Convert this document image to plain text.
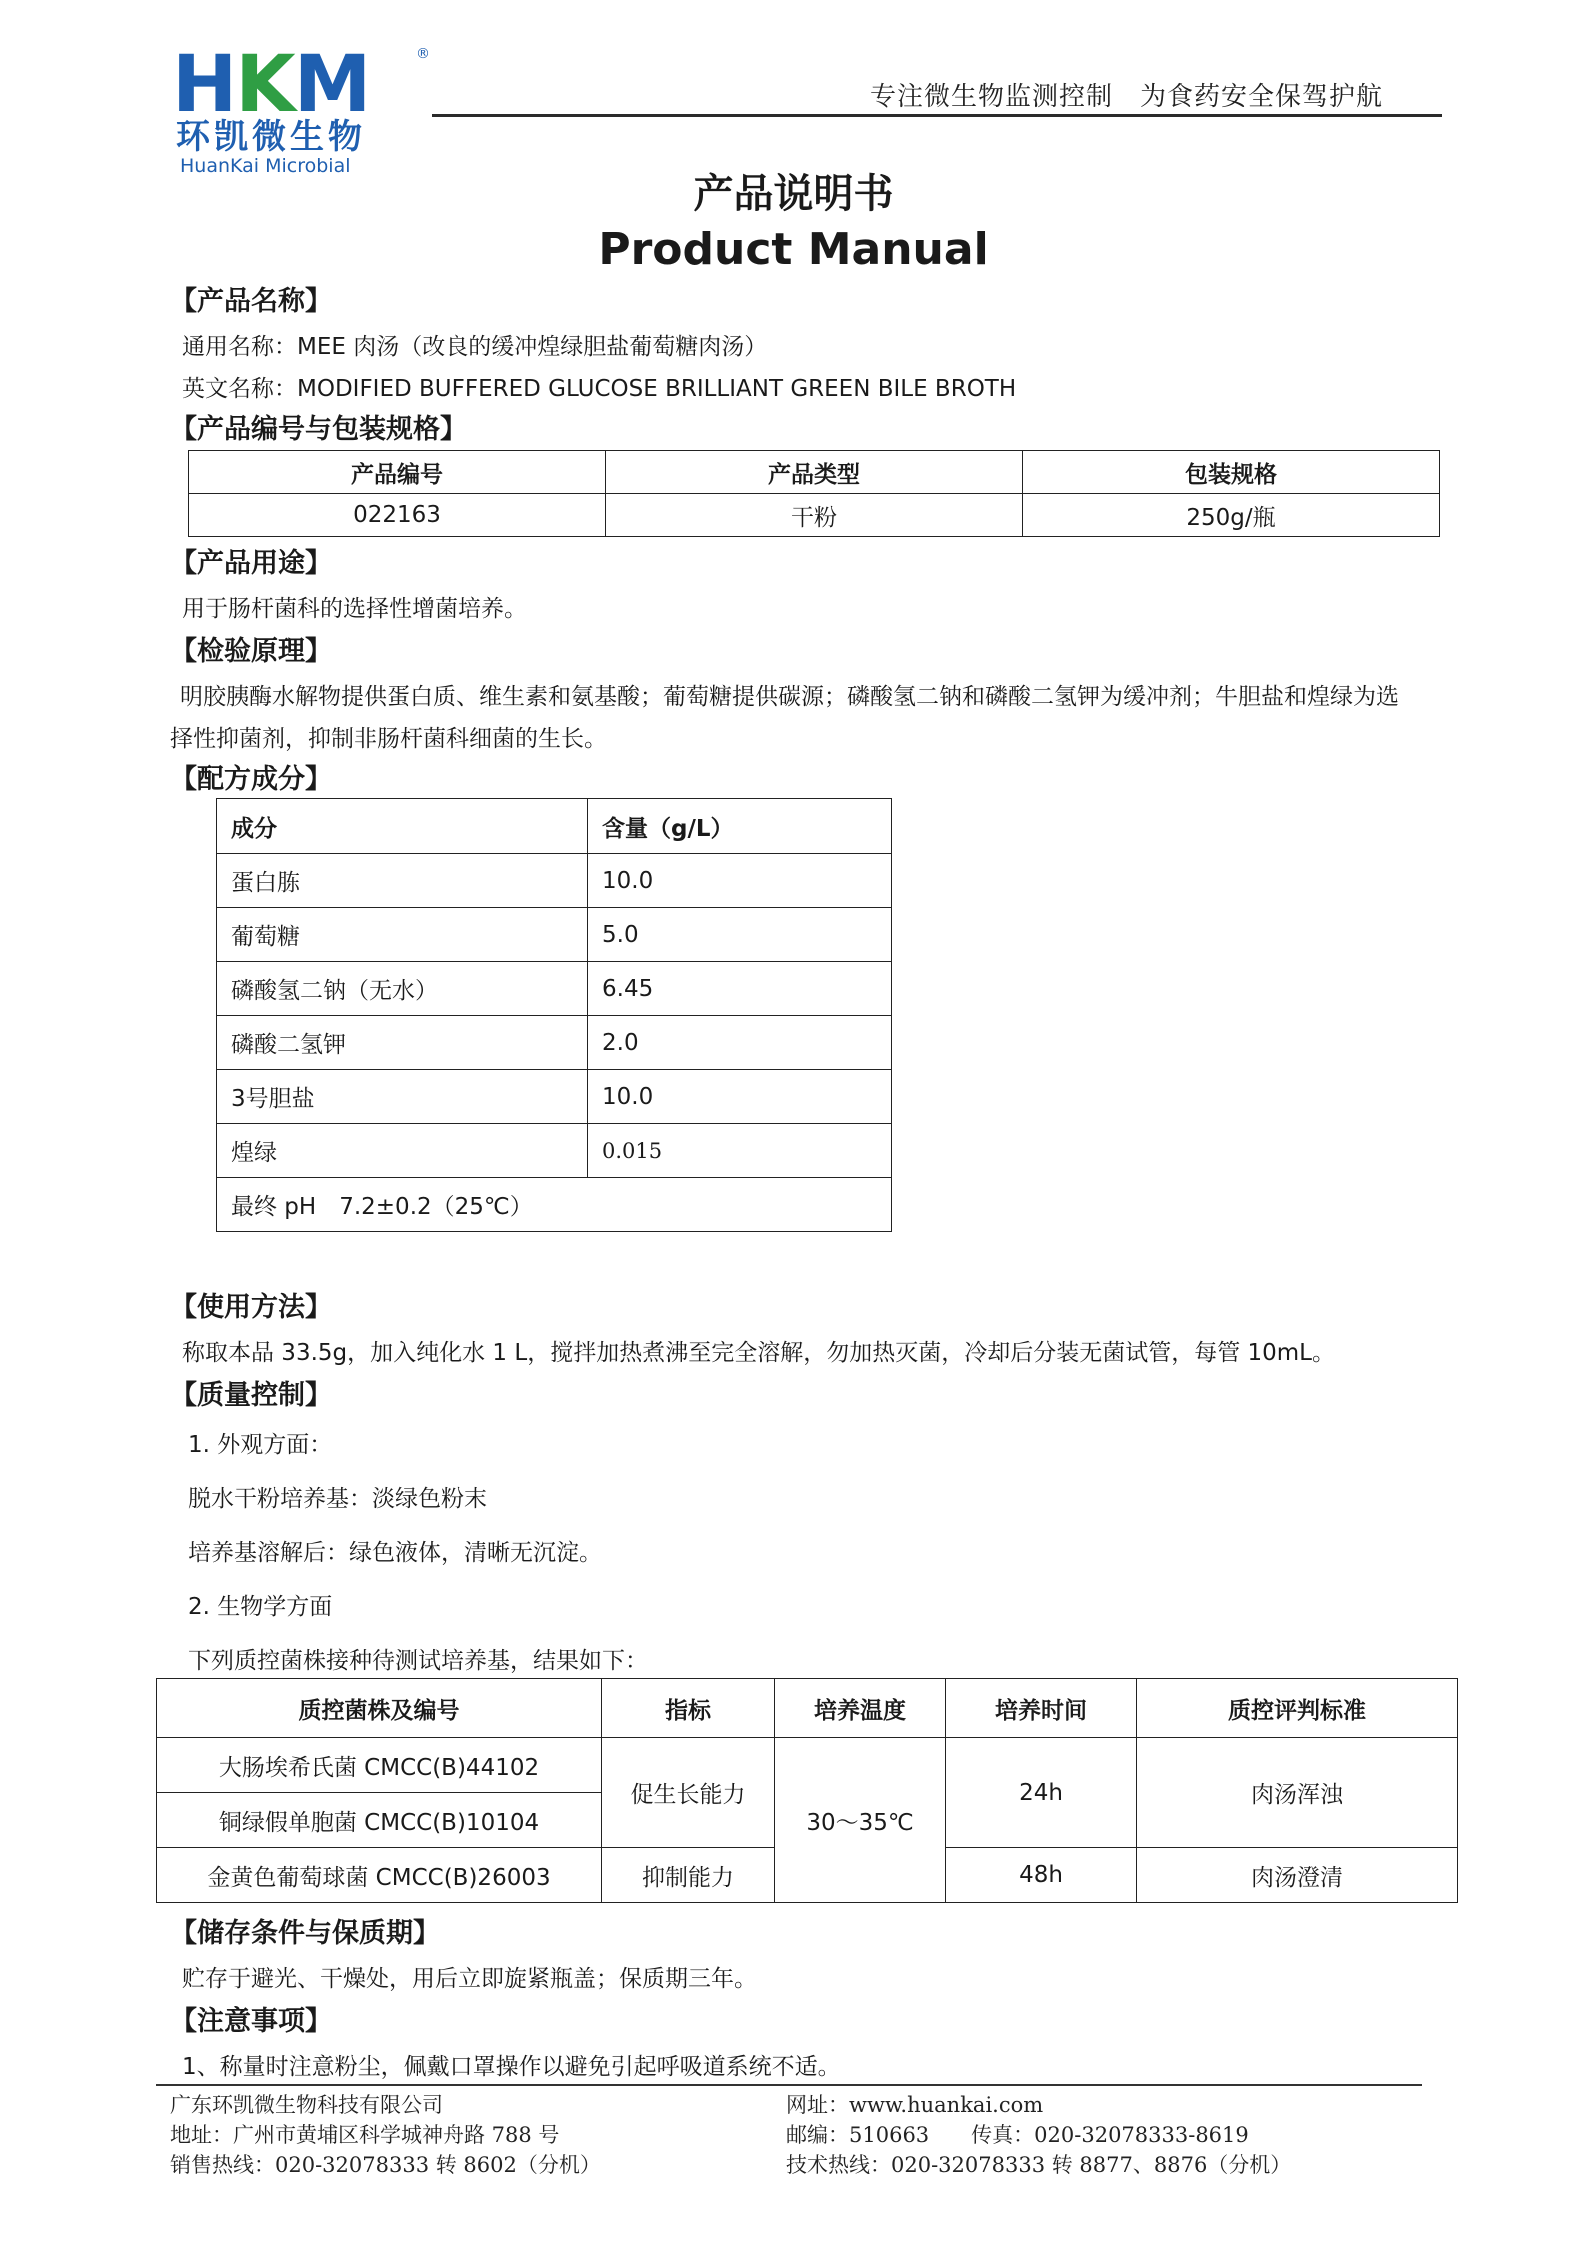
HKM	®
环凯微生物
HuanKai Microbial
专注微生物监测控制　为食药安全保驾护航
产品说明书
Product Manual
【产品名称】
通用名称：MEE 肉汤（改良的缓冲煌绿胆盐葡萄糖肉汤）
英文名称：MODIFIED BUFFERED GLUCOSE BRILLIANT GREEN BILE BROTH
【产品编号与包装规格】
产品编号	产品类型	包装规格
022163	干粉	250g/瓶
【产品用途】
用于肠杆菌科的选择性增菌培养。
【检验原理】
明胶胰酶水解物提供蛋白质、维生素和氨基酸；葡萄糖提供碳源；磷酸氢二钠和磷酸二氢钾为缓冲剂；牛胆盐和煌绿为选
择性抑菌剂，抑制非肠杆菌科细菌的生长。
【配方成分】
成分	含量（g/L）
蛋白胨	10.0
葡萄糖	5.0
磷酸氢二钠（无水）	6.45
磷酸二氢钾	2.0
3号胆盐	10.0
煌绿	0.015
最终 pH　7.2±0.2（25℃）	
【使用方法】
称取本品 33.5g，加入纯化水 1 L，搅拌加热煮沸至完全溶解，勿加热灭菌，冷却后分装无菌试管，每管 10mL。
【质量控制】
1. 外观方面：
脱水干粉培养基：淡绿色粉末
培养基溶解后：绿色液体，清晰无沉淀。
2. 生物学方面
下列质控菌株接种待测试培养基，结果如下：
质控菌株及编号	指标	培养温度	培养时间	质控评判标准
大肠埃希氏菌 CMCC(B)44102	促生长能力	30～35℃	24h	肉汤浑浊
铜绿假单胞菌 CMCC(B)10104				
金黄色葡萄球菌 CMCC(B)26003	抑制能力		48h	肉汤澄清
【储存条件与保质期】
贮存于避光、干燥处，用后立即旋紧瓶盖；保质期三年。
【注意事项】
1、称量时注意粉尘，佩戴口罩操作以避免引起呼吸道系统不适。
广东环凯微生物科技有限公司
地址：广州市黄埔区科学城神舟路 788 号
销售热线：020-32078333 转 8602（分机）
网址：www.huankai.com
邮编：510663　　传真：020-32078333-8619
技术热线：020-32078333 转 8877、8876（分机）
